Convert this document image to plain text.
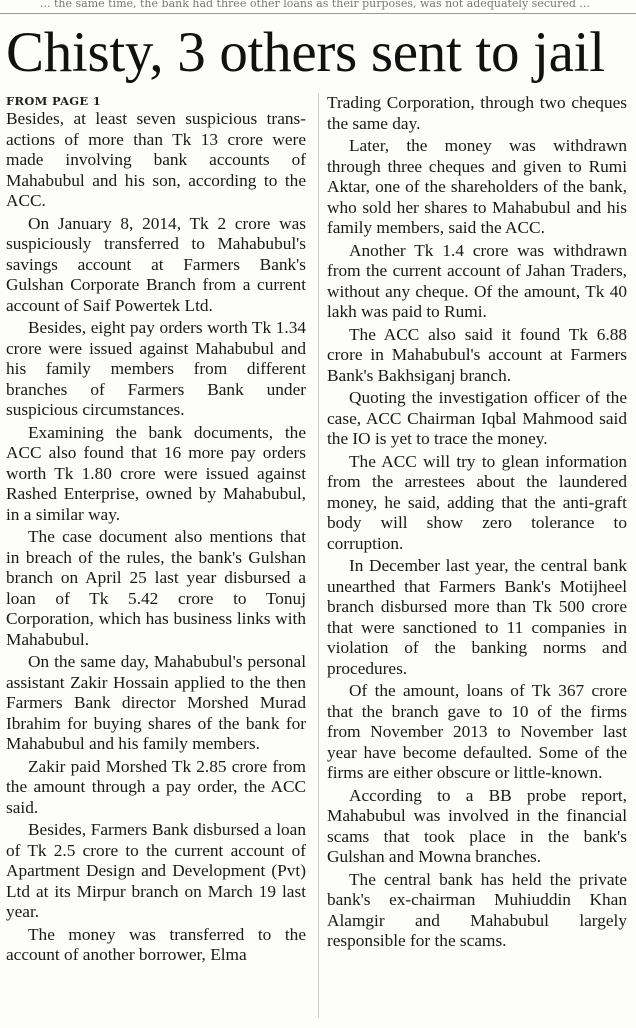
... the same time, the bank had three other loans as their purposes, was not adequately secured ...
Chisty, 3 others sent to jail
FROM PAGE 1

Besides, at least seven suspicious transactions of more than Tk 13 crore were made involving bank accounts of Mahabubul and his son, according to the ACC.

On January 8, 2014, Tk 2 crore was suspiciously transferred to Mahabubul's savings account at Farmers Bank's Gulshan Corporate Branch from a current account of Saif Powertek Ltd.

Besides, eight pay orders worth Tk 1.34 crore were issued against Mahabubul and his family members from different branches of Farmers Bank under suspicious circumstances.

Examining the bank documents, the ACC also found that 16 more pay orders worth Tk 1.80 crore were issued against Rashed Enterprise, owned by Mahabubul, in a similar way.

The case document also mentions that in breach of the rules, the bank's Gulshan branch on April 25 last year disbursed a loan of Tk 5.42 crore to Tonuj Corporation, which has business links with Mahabubul.

On the same day, Mahabubul's personal assistant Zakir Hossain applied to the then Farmers Bank director Morshed Murad Ibrahim for buying shares of the bank for Mahabubul and his family members.

Zakir paid Morshed Tk 2.85 crore from the amount through a pay order, the ACC said.

Besides, Farmers Bank disbursed a loan of Tk 2.5 crore to the current account of Apartment Design and Development (Pvt) Ltd at its Mirpur branch on March 19 last year.

The money was transferred to the account of another borrower, Elma

Trading Corporation, through two cheques the same day.

Later, the money was withdrawn through three cheques and given to Rumi Aktar, one of the shareholders of the bank, who sold her shares to Mahabubul and his family members, said the ACC.

Another Tk 1.4 crore was withdrawn from the current account of Jahan Traders, without any cheque. Of the amount, Tk 40 lakh was paid to Rumi.

The ACC also said it found Tk 6.88 crore in Mahabubul's account at Farmers Bank's Bakhsiganj branch.

Quoting the investigation officer of the case, ACC Chairman Iqbal Mahmood said the IO is yet to trace the money.

The ACC will try to glean information from the arrestees about the laundered money, he said, adding that the anti-graft body will show zero tolerance to corruption.

In December last year, the central bank unearthed that Farmers Bank's Motijheel branch disbursed more than Tk 500 crore that were sanctioned to 11 companies in violation of the banking norms and procedures.

Of the amount, loans of Tk 367 crore that the branch gave to 10 of the firms from November 2013 to November last year have become defaulted. Some of the firms are either obscure or little-known.

According to a BB probe report, Mahabubul was involved in the financial scams that took place in the bank's Gulshan and Mowna branches.

The central bank has held the private bank's ex-chairman Muhiuddin Khan Alamgir and Mahabubul largely responsible for the scams.
